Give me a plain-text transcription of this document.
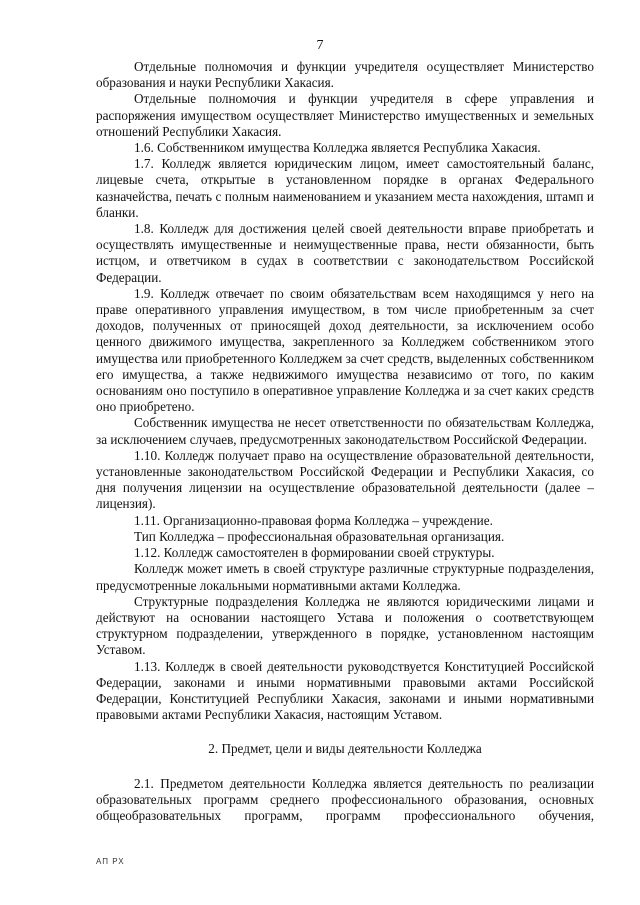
7

Отдельные полномочия и функции учредителя осуществляет Министерство образования и науки Республики Хакасия.

Отдельные полномочия и функции учредителя в сфере управления и распоряжения имуществом осуществляет Министерство имущественных и земельных отношений Республики Хакасия.

1.6. Собственником имущества Колледжа является Республика Хакасия.

1.7. Колледж является юридическим лицом, имеет самостоятельный баланс, лицевые счета, открытые в установленном порядке в органах Федерального казначейства, печать с полным наименованием и указанием места нахождения, штамп и бланки.

1.8. Колледж для достижения целей своей деятельности вправе приобретать и осуществлять имущественные и неимущественные права, нести обязанности, быть истцом, и ответчиком в судах в соответствии с законодательством Российской Федерации.

1.9. Колледж отвечает по своим обязательствам всем находящимся у него на праве оперативного управления имуществом, в том числе приобретенным за счет доходов, полученных от приносящей доход деятельности, за исключением особо ценного движимого имущества, закрепленного за Колледжем собственником этого имущества или приобретенного Колледжем за счет средств, выделенных собственником его имущества, а также недвижимого имущества независимо от того, по каким основаниям оно поступило в оперативное управление Колледжа и за счет каких средств оно приобретено.

Собственник имущества не несет ответственности по обязательствам Колледжа, за исключением случаев, предусмотренных законодательством Российской Федерации.

1.10. Колледж получает право на осуществление образовательной деятельности, установленные законодательством Российской Федерации и Республики Хакасия, со дня получения лицензии на осуществление образовательной деятельности (далее – лицензия).

1.11. Организационно-правовая форма Колледжа – учреждение.

Тип Колледжа – профессиональная образовательная организация.

1.12. Колледж самостоятелен в формировании своей структуры.

Колледж может иметь в своей структуре различные структурные подразделения, предусмотренные локальными нормативными актами Колледжа.

Структурные подразделения Колледжа не являются юридическими лицами и действуют на основании настоящего Устава и положения о соответствующем структурном подразделении, утвержденного в порядке, установленном настоящим Уставом.

1.13. Колледж в своей деятельности руководствуется Конституцией Российской Федерации, законами и иными нормативными правовыми актами Российской Федерации, Конституцией Республики Хакасия, законами и иными нормативными правовыми актами Республики Хакасия, настоящим Уставом.

2. Предмет, цели и виды деятельности Колледжа

2.1. Предметом деятельности Колледжа является деятельность по реализации образовательных программ среднего профессионального образования, основных общеобразовательных программ, программ профессионального обучения,

АП РХ
